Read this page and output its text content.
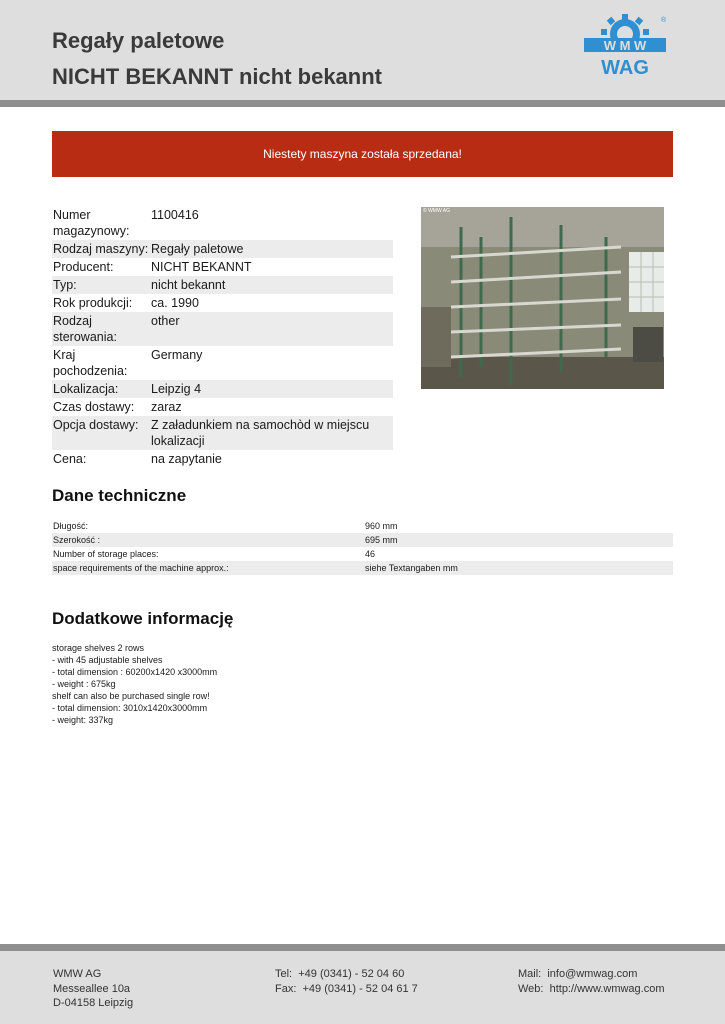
Regały paletowe
NICHT BEKANNT nicht bekannt
W M W
WAG
®
Niestety maszyna została sprzedana!
Numer magazynowy:	1100416
Rodzaj maszyny:	Regały paletowe
Producent:	NICHT BEKANNT
Typ:	nicht bekannt
Rok produkcji:	ca. 1990
Rodzaj sterowania:	other
Kraj pochodzenia:	Germany
Lokalizacja:	Leipzig 4
Czas dostawy:	zaraz
Opcja dostawy:	Z załadunkiem na samochòd w miejscu lokalizacji
Cena:	na zapytanie
© WMW AG
Dane techniczne
Długość:	960 mm
Szerokość :	695 mm
Number of storage places:	46
space requirements of the machine approx.:	siehe Textangaben mm
Dodatkowe informację
storage shelves 2 rows
- with 45 adjustable shelves
- total dimension : 60200x1420 x3000mm
- weight : 675kg
shelf can also be purchased single row!
- total dimension: 3010x1420x3000mm
- weight: 337kg
WMW AG
Messeallee 10a
D-04158 Leipzig
Tel:  +49 (0341) - 52 04 60
Fax:  +49 (0341) - 52 04 61 7
Mail:  info@wmwag.com
Web:  http://www.wmwag.com
